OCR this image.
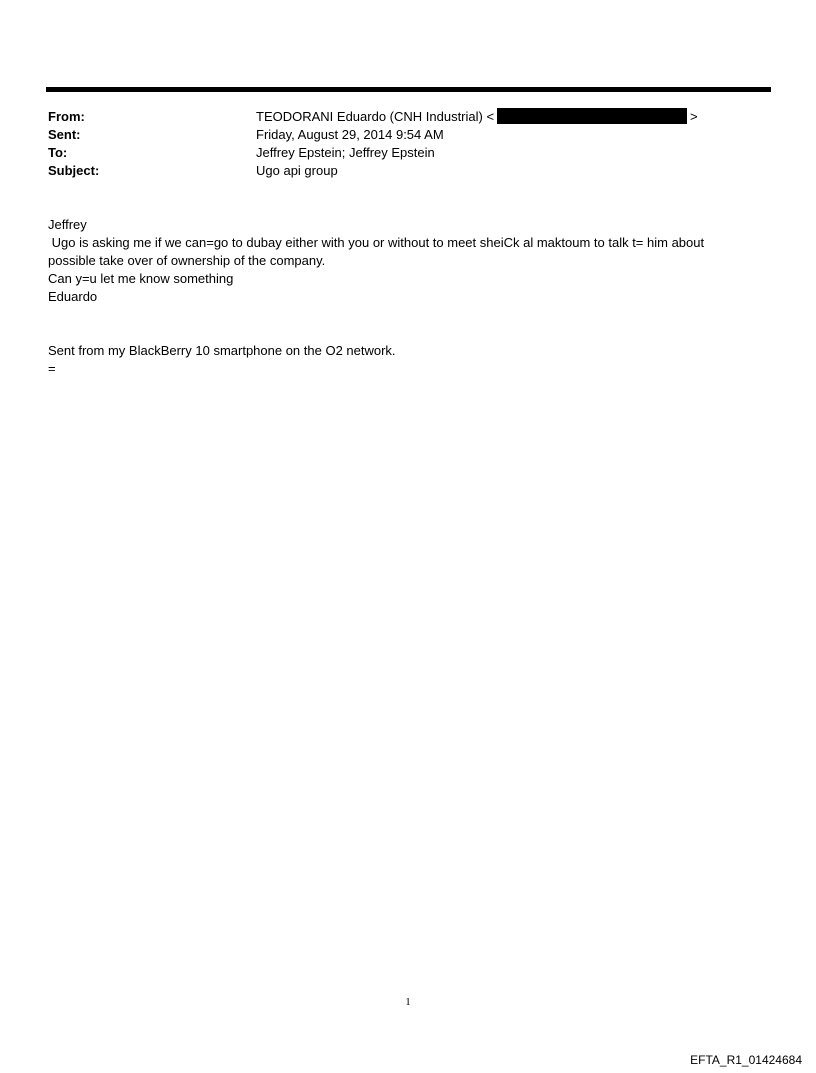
From:	TEODORANI Eduardo (CNH Industrial) <	>
Sent:	Friday, August 29, 2014 9:54 AM
To:	Jeffrey Epstein; Jeffrey Epstein
Subject:	Ugo api group

Jeffrey

Ugo is asking me if we can=go to dubay either with you or without to meet sheiCk al maktoum to talk t= him about

possible take over of ownership of the company.

Can y=u let me know something

Eduardo

Sent from my BlackBerry 10 smartphone on the O2 network.

=

1
EFTA_R1_01424684
